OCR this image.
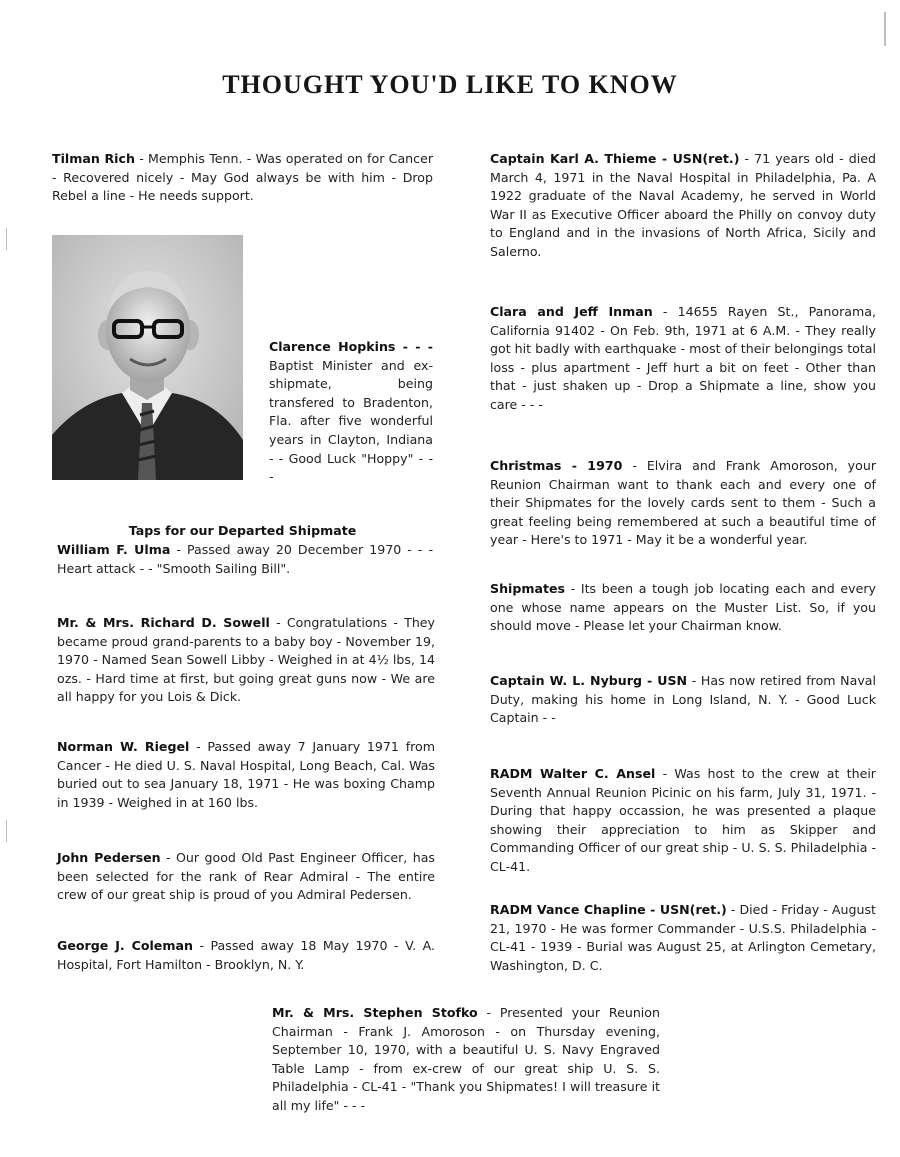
THOUGHT YOU'D LIKE TO KNOW
Tilman Rich - Memphis Tenn. - Was operated on for Cancer - Recovered nicely - May God always be with him - Drop Rebel a line - He needs support.
Clarence Hopkins - - - Baptist Minister and ex-shipmate, being transfered to Bradenton, Fla. after five wonderful years in Clayton, Indiana - - Good Luck "Hoppy" - - -
Taps for our Departed Shipmate
William F. Ulma - Passed away 20 December 1970 - - - Heart attack - - "Smooth Sailing Bill".
Mr. & Mrs. Richard D. Sowell - Congratulations - They became proud grand-parents to a baby boy - November 19, 1970 - Named Sean Sowell Libby - Weighed in at 4½ lbs, 14 ozs. - Hard time at first, but going great guns now - We are all happy for you Lois & Dick.
Norman W. Riegel - Passed away 7 January 1971 from Cancer - He died U. S. Naval Hospital, Long Beach, Cal. Was buried out to sea January 18, 1971 - He was boxing Champ in 1939 - Weighed in at 160 lbs.
John Pedersen - Our good Old Past Engineer Officer, has been selected for the rank of Rear Admiral - The entire crew of our great ship is proud of you Admiral Pedersen.
George J. Coleman - Passed away 18 May 1970 - V. A. Hospital, Fort Hamilton - Brooklyn, N. Y.
Captain Karl A. Thieme - USN(ret.) - 71 years old - died March 4, 1971 in the Naval Hospital in Philadelphia, Pa. A 1922 graduate of the Naval Academy, he served in World War II as Executive Officer aboard the Philly on convoy duty to England and in the invasions of North Africa, Sicily and Salerno.
Clara and Jeff Inman - 14655 Rayen St., Panorama, California 91402 - On Feb. 9th, 1971 at 6 A.M. - They really got hit badly with earthquake - most of their belongings total loss - plus apartment - Jeff hurt a bit on feet - Other than that - just shaken up - Drop a Shipmate a line, show you care - - -
Christmas - 1970 - Elvira and Frank Amoroson, your Reunion Chairman want to thank each and every one of their Shipmates for the lovely cards sent to them - Such a great feeling being remembered at such a beautiful time of year - Here's to 1971 - May it be a wonderful year.
Shipmates - Its been a tough job locating each and every one whose name appears on the Muster List. So, if you should move - Please let your Chairman know.
Captain W. L. Nyburg - USN - Has now retired from Naval Duty, making his home in Long Island, N. Y. - Good Luck Captain - -
RADM Walter C. Ansel - Was host to the crew at their Seventh Annual Reunion Picinic on his farm, July 31, 1971. - During that happy occassion, he was presented a plaque showing their appreciation to him as Skipper and Commanding Officer of our great ship - U. S. S. Philadelphia - CL-41.
RADM Vance Chapline - USN(ret.) - Died - Friday - August 21, 1970 - He was former Commander - U.S.S. Philadelphia - CL-41 - 1939 - Burial was August 25, at Arlington Cemetary, Washington, D. C.
Mr. & Mrs. Stephen Stofko - Presented your Reunion Chairman - Frank J. Amoroson - on Thursday evening, September 10, 1970, with a beautiful U. S. Navy Engraved Table Lamp - from ex-crew of our great ship U. S. S. Philadelphia - CL-41 - "Thank you Shipmates! I will treasure it all my life" - - -
